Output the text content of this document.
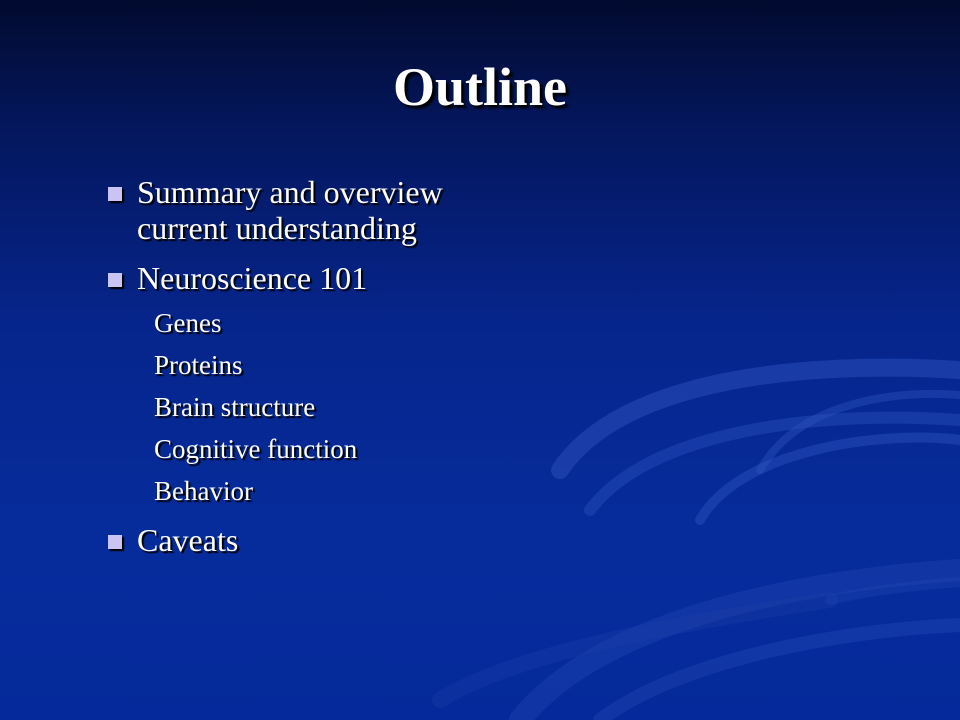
Outline
Summary and overview current understanding
Neuroscience 101
Genes
Proteins
Brain structure
Cognitive function
Behavior
Caveats
